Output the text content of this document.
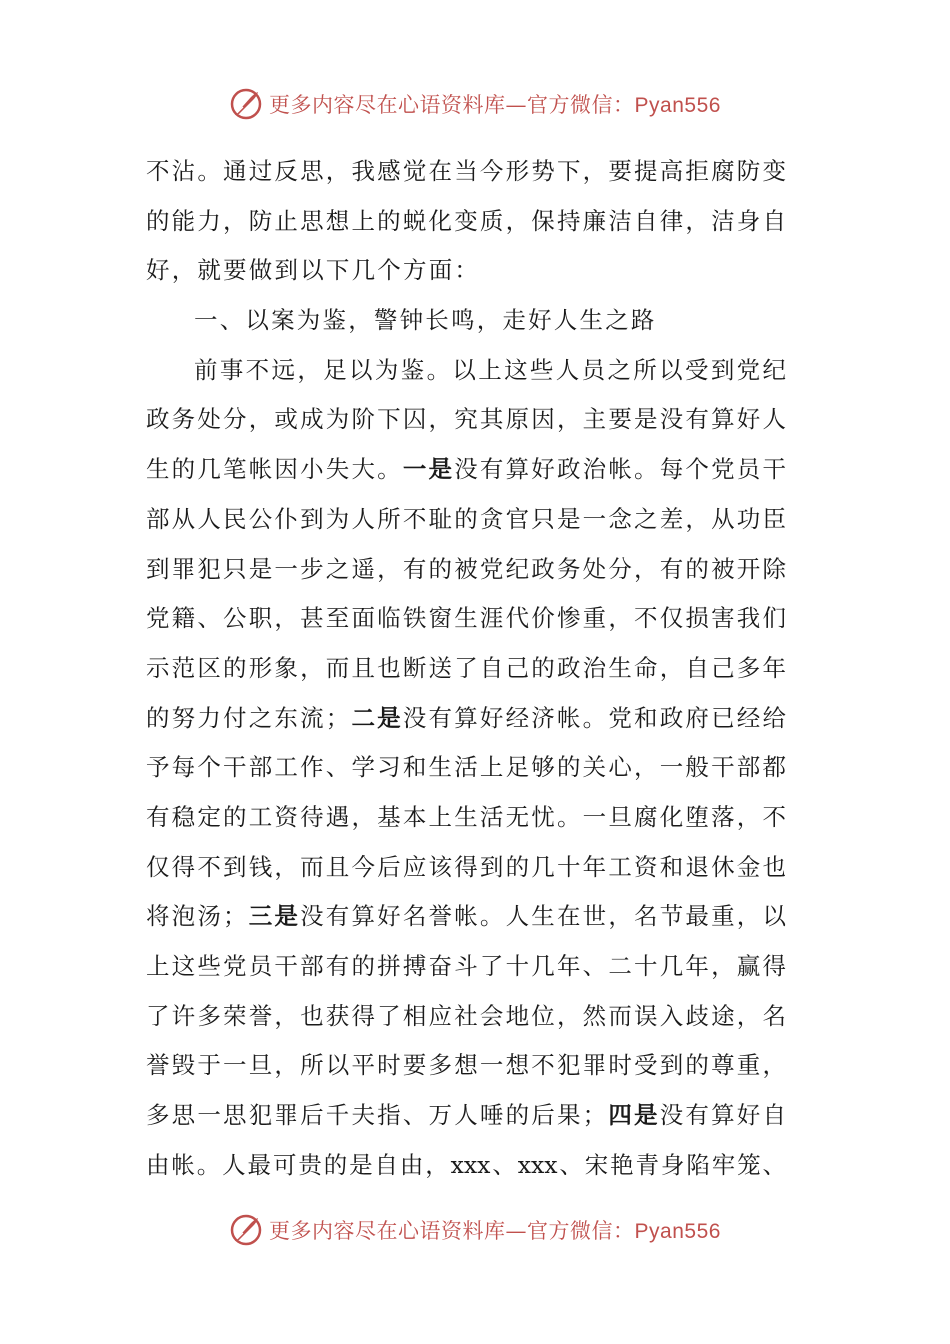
更多内容尽在心语资料库—官方微信：Pyan556
不沾。通过反思，我感觉在当今形势下，要提高拒腐防变
的能力，防止思想上的蜕化变质，保持廉洁自律，洁身自
好，就要做到以下几个方面：
一、以案为鉴，警钟长鸣，走好人生之路
前事不远，足以为鉴。以上这些人员之所以受到党纪
政务处分，或成为阶下囚，究其原因，主要是没有算好人
生的几笔帐因小失大。一是没有算好政治帐。每个党员干
部从人民公仆到为人所不耻的贪官只是一念之差，从功臣
到罪犯只是一步之遥，有的被党纪政务处分，有的被开除
党籍、公职，甚至面临铁窗生涯代价惨重，不仅损害我们
示范区的形象，而且也断送了自己的政治生命，自己多年
的努力付之东流；二是没有算好经济帐。党和政府已经给
予每个干部工作、学习和生活上足够的关心，一般干部都
有稳定的工资待遇，基本上生活无忧。一旦腐化堕落，不
仅得不到钱，而且今后应该得到的几十年工资和退休金也
将泡汤；三是没有算好名誉帐。人生在世，名节最重，以
上这些党员干部有的拼搏奋斗了十几年、二十几年，赢得
了许多荣誉，也获得了相应社会地位，然而误入歧途，名
誉毁于一旦，所以平时要多想一想不犯罪时受到的尊重，
多思一思犯罪后千夫指、万人唾的后果；四是没有算好自
由帐。人最可贵的是自由，xxx、xxx、宋艳青身陷牢笼、
更多内容尽在心语资料库—官方微信：Pyan556
